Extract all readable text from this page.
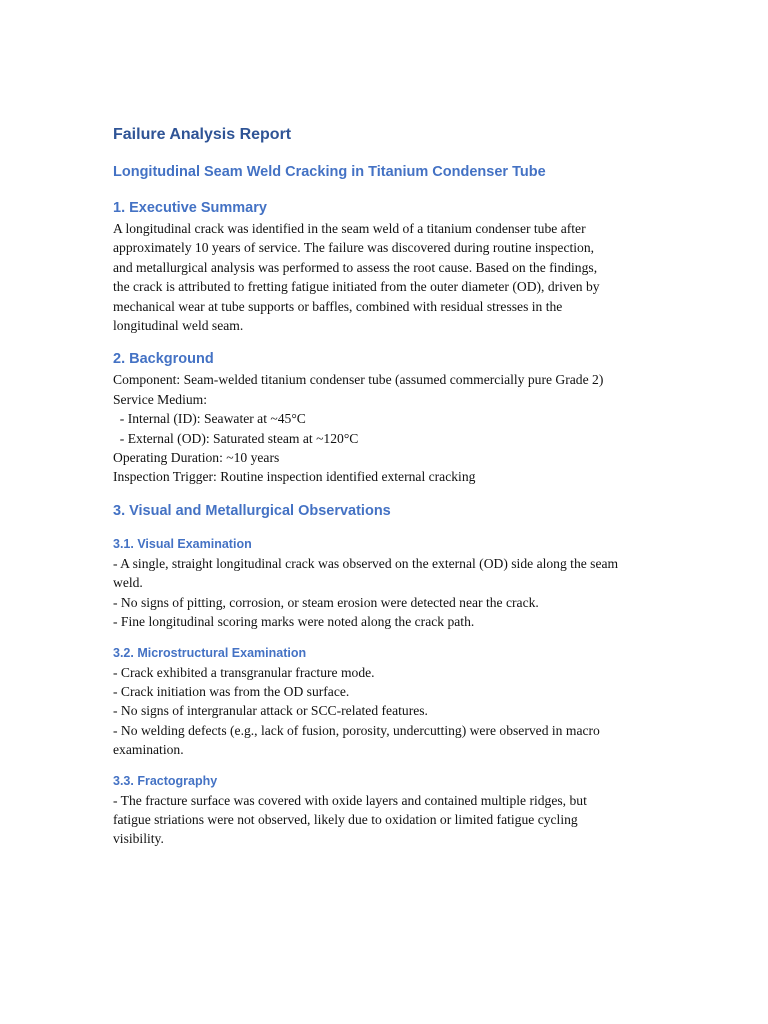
Failure Analysis Report
Longitudinal Seam Weld Cracking in Titanium Condenser Tube
1. Executive Summary

A longitudinal crack was identified in the seam weld of a titanium condenser tube after
approximately 10 years of service. The failure was discovered during routine inspection,
and metallurgical analysis was performed to assess the root cause. Based on the findings,
the crack is attributed to fretting fatigue initiated from the outer diameter (OD), driven by
mechanical wear at tube supports or baffles, combined with residual stresses in the
longitudinal weld seam.

2. Background

Component: Seam-welded titanium condenser tube (assumed commercially pure Grade 2)
Service Medium:
- Internal (ID): Seawater at ~45°C
- External (OD): Saturated steam at ~120°C
Operating Duration: ~10 years
Inspection Trigger: Routine inspection identified external cracking

3. Visual and Metallurgical Observations
3.1. Visual Examination

- A single, straight longitudinal crack was observed on the external (OD) side along the seam
weld.
- No signs of pitting, corrosion, or steam erosion were detected near the crack.
- Fine longitudinal scoring marks were noted along the crack path.

3.2. Microstructural Examination

- Crack exhibited a transgranular fracture mode.
- Crack initiation was from the OD surface.
- No signs of intergranular attack or SCC-related features.
- No welding defects (e.g., lack of fusion, porosity, undercutting) were observed in macro
examination.

3.3. Fractography

- The fracture surface was covered with oxide layers and contained multiple ridges, but
fatigue striations were not observed, likely due to oxidation or limited fatigue cycling
visibility.
